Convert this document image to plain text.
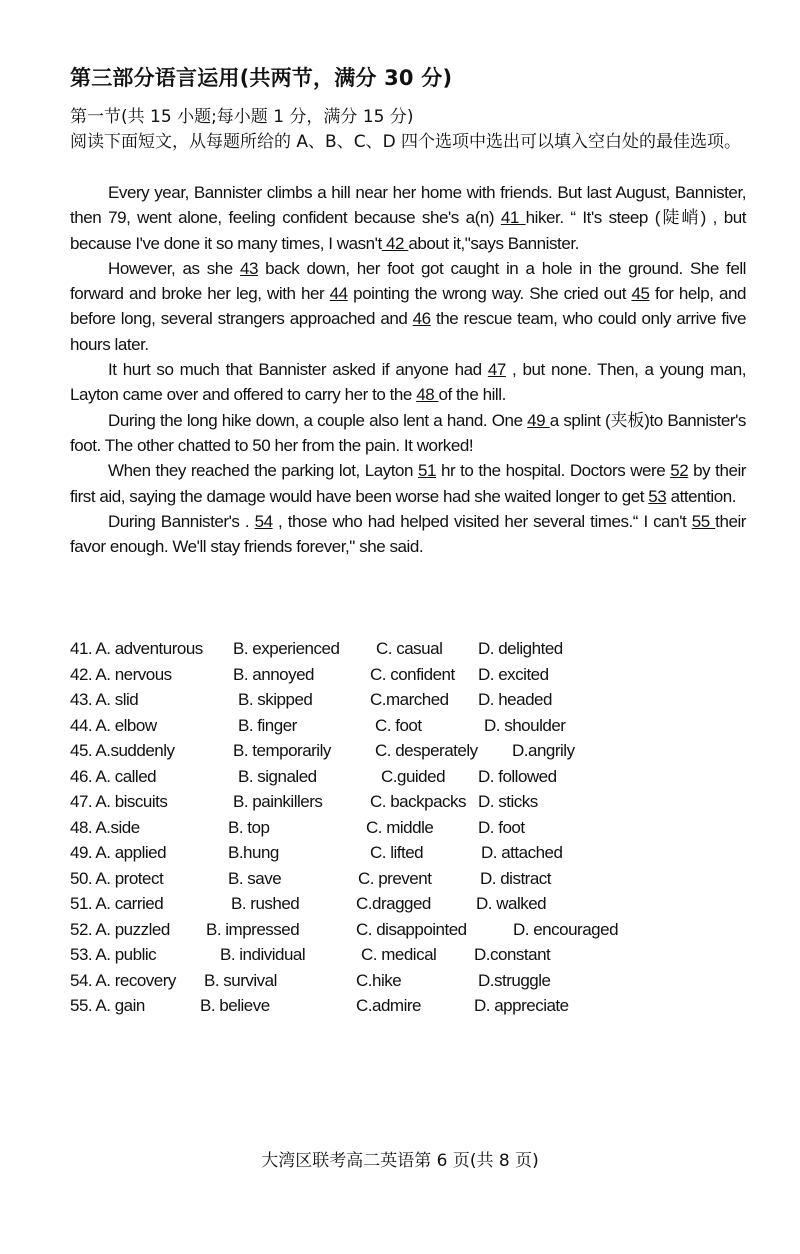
第三部分语言运用(共两节，满分 30 分)
第一节(共 15 小题;每小题 1 分，满分 15 分)
阅读下面短文，从每题所给的 A、B、C、D 四个选项中选出可以填入空白处的最佳选项。

Every year, Bannister climbs a hill near her home with friends. But last August, Bannister, then 79, went alone, feeling confident because she's a(n) 41 hiker. “ It's steep (陡峭) , but because I've done it so many times, I wasn't 42 about it,"says Bannister.

However, as she 43 back down, her foot got caught in a hole in the ground. She fell forward and broke her leg, with her 44 pointing the wrong way. She cried out 45 for help, and before long, several strangers approached and 46 the rescue team, who could only arrive five hours later.

It hurt so much that Bannister asked if anyone had 47 , but none. Then, a young man, Layton came over and offered to carry her to the 48 of the hill.

During the long hike down, a couple also lent a hand. One 49 a splint (夹板)to Bannister's foot. The other chatted to 50 her from the pain. It worked!

When they reached the parking lot, Layton 51 hr to the hospital. Doctors were 52 by their first aid, saying the damage would have been worse had she waited longer to get 53 attention.

During Bannister's . 54 , those who had helped visited her several times.“ I can't 55 their favor enough. We'll stay friends forever," she said.

41. A. adventurous B. experienced C. casual D. delighted
42. A. nervous	B. annoyed	C. confident D. excited
43. A. slid	B. skipped	C.marched D. headed
44. A. elbow	B. finger	C. foot	D. shoulder
45. A.suddenly	B. temporarily	C. desperately D.angrily
46. A. called	B. signaled	C.guided D. followed
47. A. biscuits	B. painkillers	C. backpacks D. sticks
48. A.side	B. top	C. middle	D. foot
49. A. applied	B.hung	C. lifted	D. attached
50. A. protect	B. save	C. prevent	D. distract
51. A. carried	B. rushed	C.dragged	D. walked
52. A. puzzled B. impressed	C. disappointed	D. encouraged
53. A. public	B. individual	C. medical D.constant
54. A. recovery B. survival	C.hike	D.struggle
55. A. gain	B. believe	C.admire	D. appreciate
大湾区联考高二英语第 6 页(共 8 页)
